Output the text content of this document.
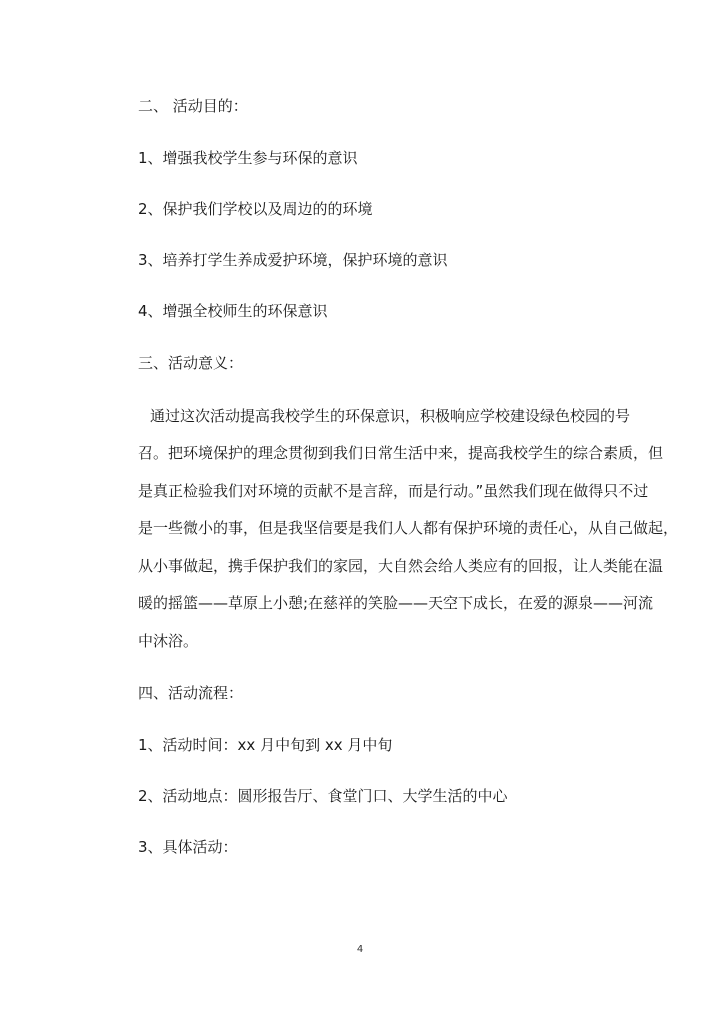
二、 活动目的：
1、增强我校学生参与环保的意识
2、保护我们学校以及周边的的环境
3、培养打学生养成爱护环境，保护环境的意识
4、增强全校师生的环保意识
三、活动意义：
通过这次活动提高我校学生的环保意识，积极响应学校建设绿色校园的号
召。把环境保护的理念贯彻到我们日常生活中来，提高我校学生的综合素质，但
是真正检验我们对环境的贡献不是言辞，而是行动。”虽然我们现在做得只不过
是一些微小的事，但是我坚信要是我们人人都有保护环境的责任心，从自己做起，
从小事做起，携手保护我们的家园，大自然会给人类应有的回报，让人类能在温
暖的摇篮——草原上小憩;在慈祥的笑脸——天空下成长，在爱的源泉——河流
中沐浴。
四、活动流程：
1、活动时间：xx 月中旬到 xx 月中旬
2、活动地点：圆形报告厅、食堂门口、大学生活的中心
3、具体活动：
4
